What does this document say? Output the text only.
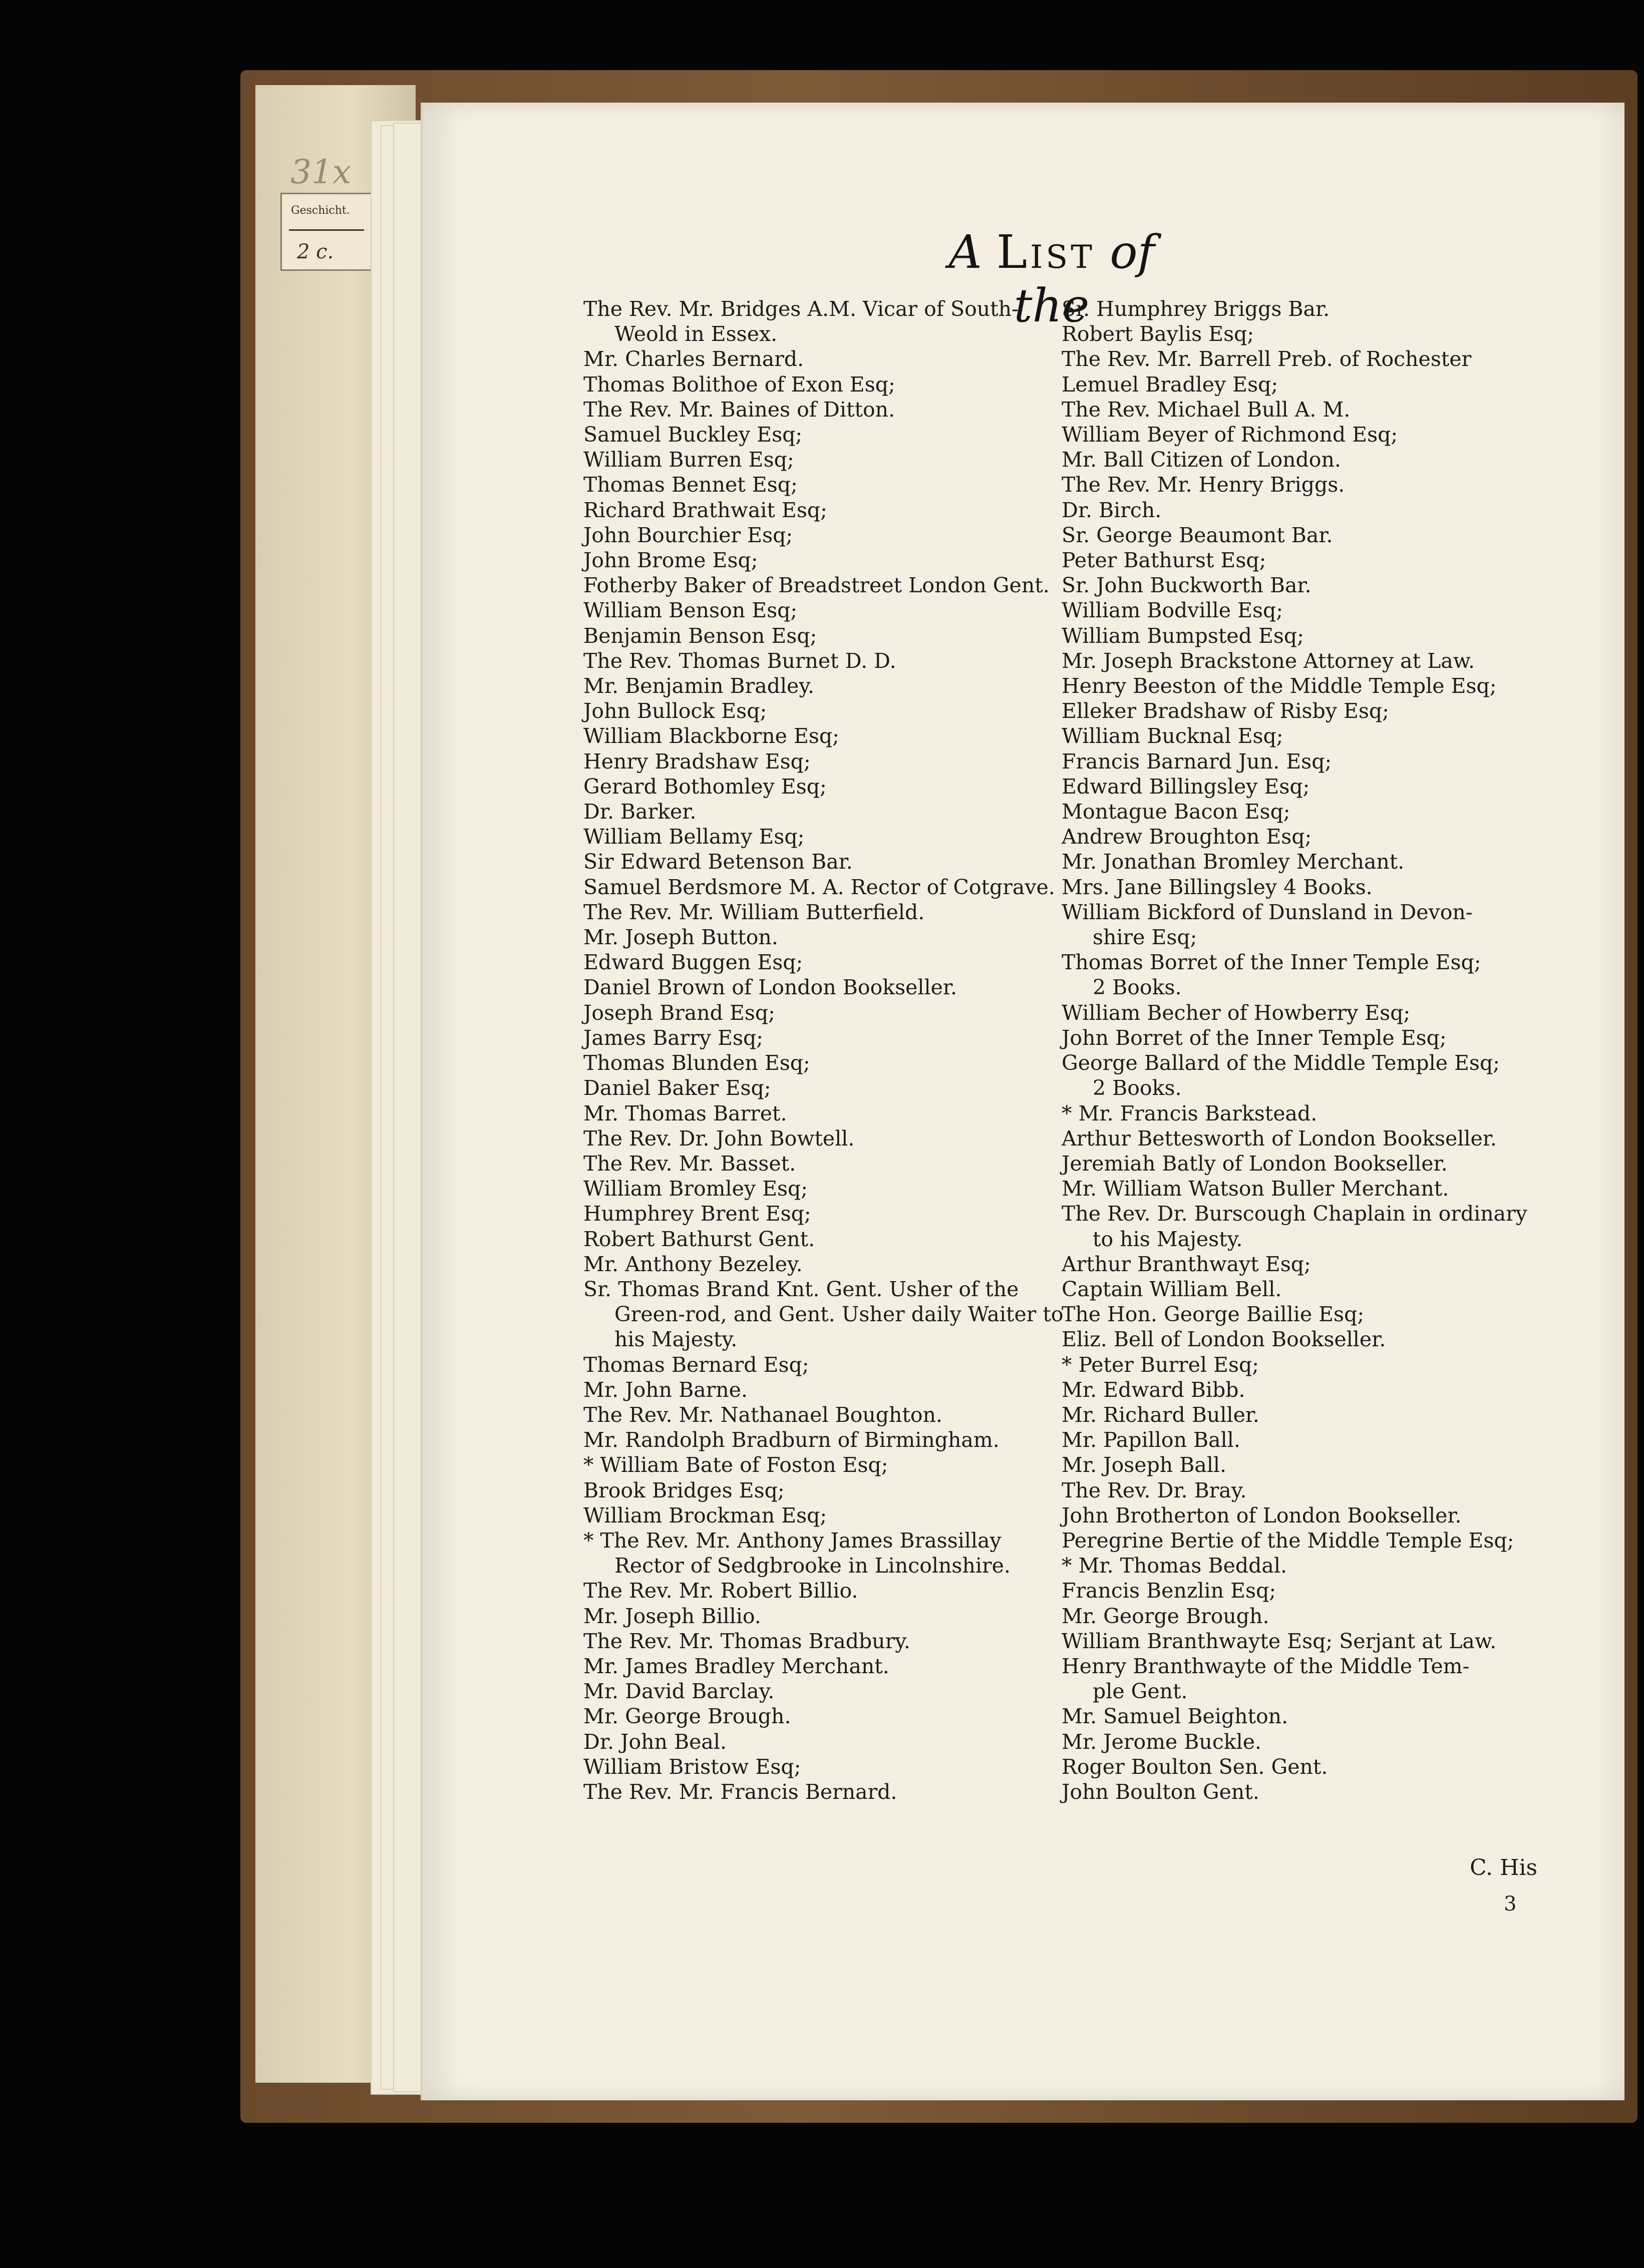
31x
Geschicht.
2 c.	A List of the
The Rev. Mr. Bridges A.M. Vicar of South-
Weold in Essex.
Mr. Charles Bernard.
Thomas Bolithoe of Exon Esq;
The Rev. Mr. Baines of Ditton.
Samuel Buckley Esq;
William Burren Esq;
Thomas Bennet Esq;
Richard Brathwait Esq;
John Bourchier Esq;
John Brome Esq;
Fotherby Baker of Breadstreet London Gent.
William Benson Esq;
Benjamin Benson Esq;
The Rev. Thomas Burnet D. D.
Mr. Benjamin Bradley.
John Bullock Esq;
William Blackborne Esq;
Henry Bradshaw Esq;
Gerard Bothomley Esq;
Dr. Barker.
William Bellamy Esq;
Sir Edward Betenson Bar.
Samuel Berdsmore M. A. Rector of Cotgrave.
The Rev. Mr. William Butterfield.
Mr. Joseph Button.
Edward Buggen Esq;
Daniel Brown of London Bookseller.
Joseph Brand Esq;
James Barry Esq;
Thomas Blunden Esq;
Daniel Baker Esq;
Mr. Thomas Barret.
The Rev. Dr. John Bowtell.
The Rev. Mr. Basset.
William Bromley Esq;
Humphrey Brent Esq;
Robert Bathurst Gent.
Mr. Anthony Bezeley.
Sr. Thomas Brand Knt. Gent. Usher of the
Green-rod, and Gent. Usher daily Waiter to
his Majesty.
Thomas Bernard Esq;
Mr. John Barne.
The Rev. Mr. Nathanael Boughton.
Mr. Randolph Bradburn of Birmingham.
* William Bate of Foston Esq;
Brook Bridges Esq;
William Brockman Esq;
* The Rev. Mr. Anthony James Brassillay
Rector of Sedgbrooke in Lincolnshire.
The Rev. Mr. Robert Billio.
Mr. Joseph Billio.
The Rev. Mr. Thomas Bradbury.
Mr. James Bradley Merchant.
Mr. David Barclay.
Mr. George Brough.
Dr. John Beal.
William Bristow Esq;
The Rev. Mr. Francis Bernard.
Sr. Humphrey Briggs Bar.
Robert Baylis Esq;
The Rev. Mr. Barrell Preb. of Rochester
Lemuel Bradley Esq;
The Rev. Michael Bull A. M.
William Beyer of Richmond Esq;
Mr. Ball Citizen of London.
The Rev. Mr. Henry Briggs.
Dr. Birch.
Sr. George Beaumont Bar.
Peter Bathurst Esq;
Sr. John Buckworth Bar.
William Bodville Esq;
William Bumpsted Esq;
Mr. Joseph Brackstone Attorney at Law.
Henry Beeston of the Middle Temple Esq;
Elleker Bradshaw of Risby Esq;
William Bucknal Esq;
Francis Barnard Jun. Esq;
Edward Billingsley Esq;
Montague Bacon Esq;
Andrew Broughton Esq;
Mr. Jonathan Bromley Merchant.
Mrs. Jane Billingsley 4 Books.
William Bickford of Dunsland in Devon-
shire Esq;
Thomas Borret of the Inner Temple Esq;
2 Books.
William Becher of Howberry Esq;
John Borret of the Inner Temple Esq;
George Ballard of the Middle Temple Esq;
2 Books.
* Mr. Francis Barkstead.
Arthur Bettesworth of London Bookseller.
Jeremiah Batly of London Bookseller.
Mr. William Watson Buller Merchant.
The Rev. Dr. Burscough Chaplain in ordinary
to his Majesty.
Arthur Branthwayt Esq;
Captain William Bell.
The Hon. George Baillie Esq;
Eliz. Bell of London Bookseller.
* Peter Burrel Esq;
Mr. Edward Bibb.
Mr. Richard Buller.
Mr. Papillon Ball.
Mr. Joseph Ball.
The Rev. Dr. Bray.
John Brotherton of London Bookseller.
Peregrine Bertie of the Middle Temple Esq;
* Mr. Thomas Beddal.
Francis Benzlin Esq;
Mr. George Brough.
William Branthwayte Esq; Serjant at Law.
Henry Branthwayte of the Middle Tem-
ple Gent.
Mr. Samuel Beighton.
Mr. Jerome Buckle.
Roger Boulton Sen. Gent.
John Boulton Gent.
C. His
3
